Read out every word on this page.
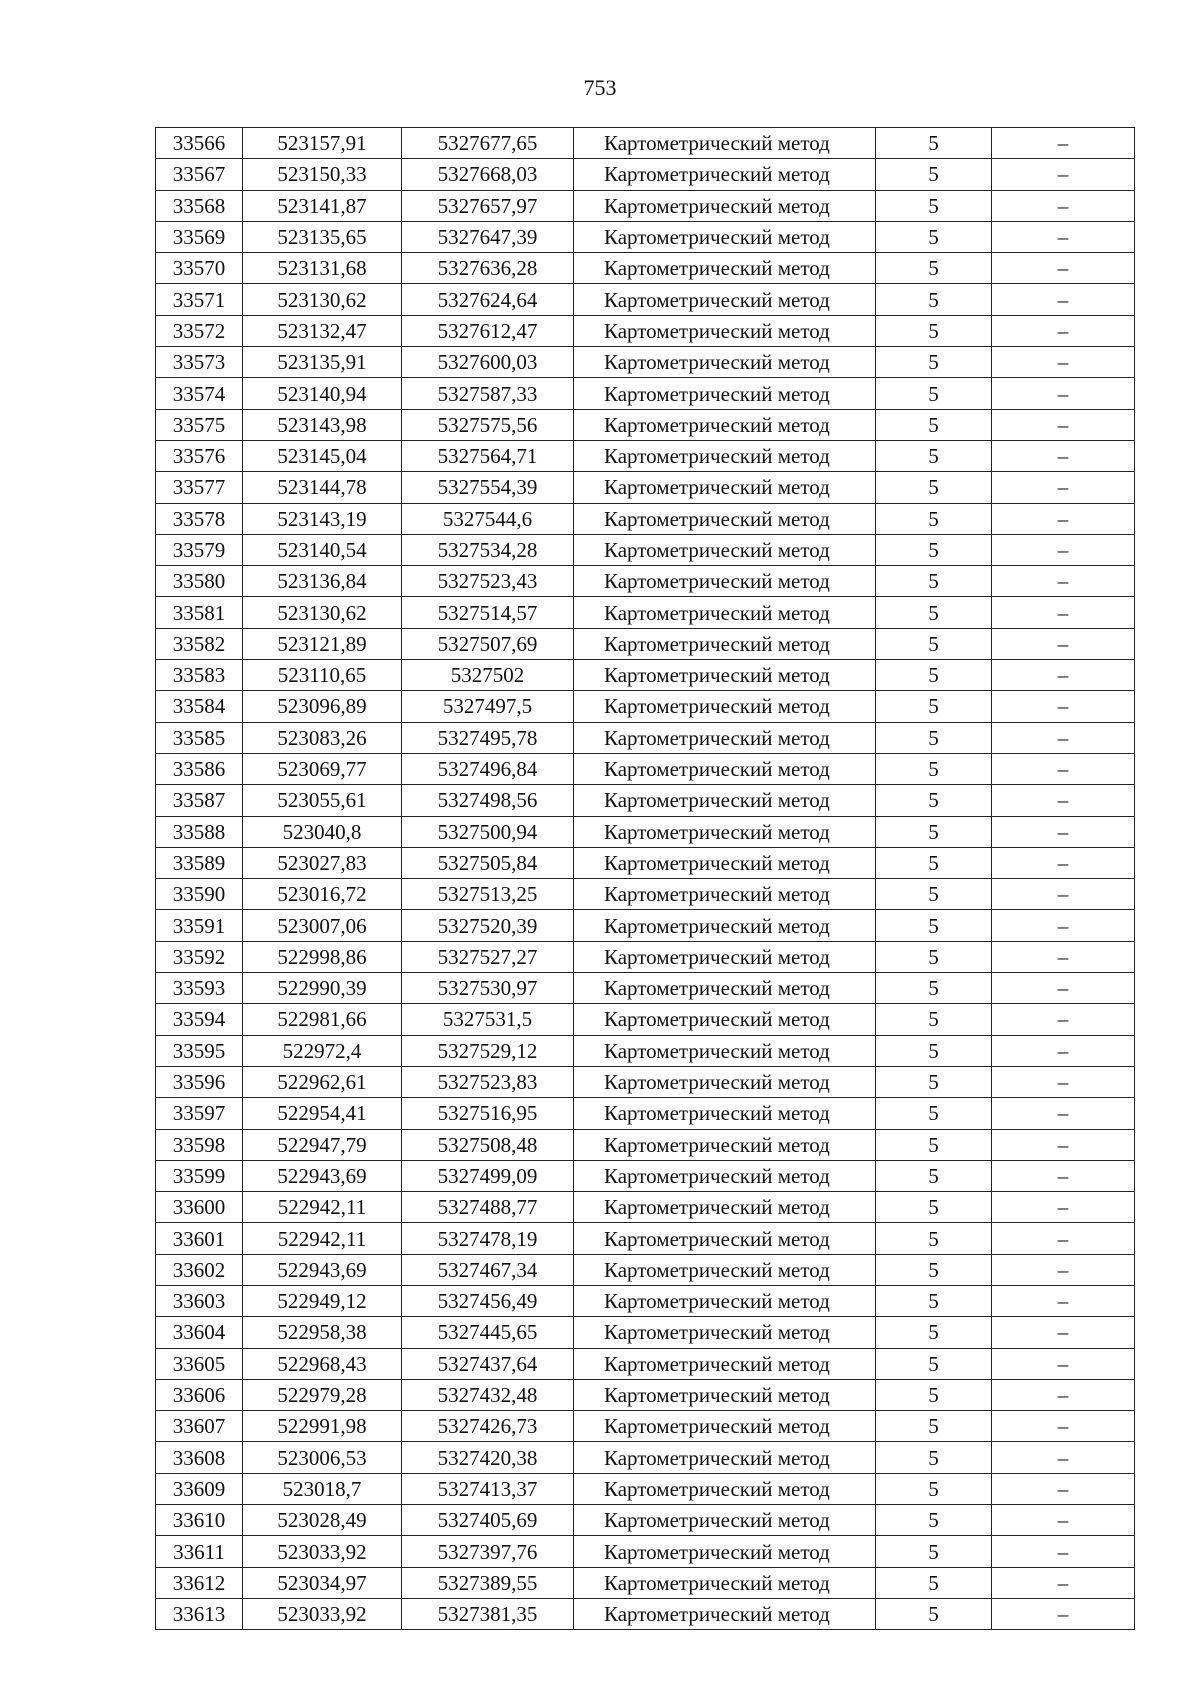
753
33566	523157,91	5327677,65	Картометрический метод	5	–
33567	523150,33	5327668,03	Картометрический метод	5	–
33568	523141,87	5327657,97	Картометрический метод	5	–
33569	523135,65	5327647,39	Картометрический метод	5	–
33570	523131,68	5327636,28	Картометрический метод	5	–
33571	523130,62	5327624,64	Картометрический метод	5	–
33572	523132,47	5327612,47	Картометрический метод	5	–
33573	523135,91	5327600,03	Картометрический метод	5	–
33574	523140,94	5327587,33	Картометрический метод	5	–
33575	523143,98	5327575,56	Картометрический метод	5	–
33576	523145,04	5327564,71	Картометрический метод	5	–
33577	523144,78	5327554,39	Картометрический метод	5	–
33578	523143,19	5327544,6	Картометрический метод	5	–
33579	523140,54	5327534,28	Картометрический метод	5	–
33580	523136,84	5327523,43	Картометрический метод	5	–
33581	523130,62	5327514,57	Картометрический метод	5	–
33582	523121,89	5327507,69	Картометрический метод	5	–
33583	523110,65	5327502	Картометрический метод	5	–
33584	523096,89	5327497,5	Картометрический метод	5	–
33585	523083,26	5327495,78	Картометрический метод	5	–
33586	523069,77	5327496,84	Картометрический метод	5	–
33587	523055,61	5327498,56	Картометрический метод	5	–
33588	523040,8	5327500,94	Картометрический метод	5	–
33589	523027,83	5327505,84	Картометрический метод	5	–
33590	523016,72	5327513,25	Картометрический метод	5	–
33591	523007,06	5327520,39	Картометрический метод	5	–
33592	522998,86	5327527,27	Картометрический метод	5	–
33593	522990,39	5327530,97	Картометрический метод	5	–
33594	522981,66	5327531,5	Картометрический метод	5	–
33595	522972,4	5327529,12	Картометрический метод	5	–
33596	522962,61	5327523,83	Картометрический метод	5	–
33597	522954,41	5327516,95	Картометрический метод	5	–
33598	522947,79	5327508,48	Картометрический метод	5	–
33599	522943,69	5327499,09	Картометрический метод	5	–
33600	522942,11	5327488,77	Картометрический метод	5	–
33601	522942,11	5327478,19	Картометрический метод	5	–
33602	522943,69	5327467,34	Картометрический метод	5	–
33603	522949,12	5327456,49	Картометрический метод	5	–
33604	522958,38	5327445,65	Картометрический метод	5	–
33605	522968,43	5327437,64	Картометрический метод	5	–
33606	522979,28	5327432,48	Картометрический метод	5	–
33607	522991,98	5327426,73	Картометрический метод	5	–
33608	523006,53	5327420,38	Картометрический метод	5	–
33609	523018,7	5327413,37	Картометрический метод	5	–
33610	523028,49	5327405,69	Картометрический метод	5	–
33611	523033,92	5327397,76	Картометрический метод	5	–
33612	523034,97	5327389,55	Картометрический метод	5	–
33613	523033,92	5327381,35	Картометрический метод	5	–
